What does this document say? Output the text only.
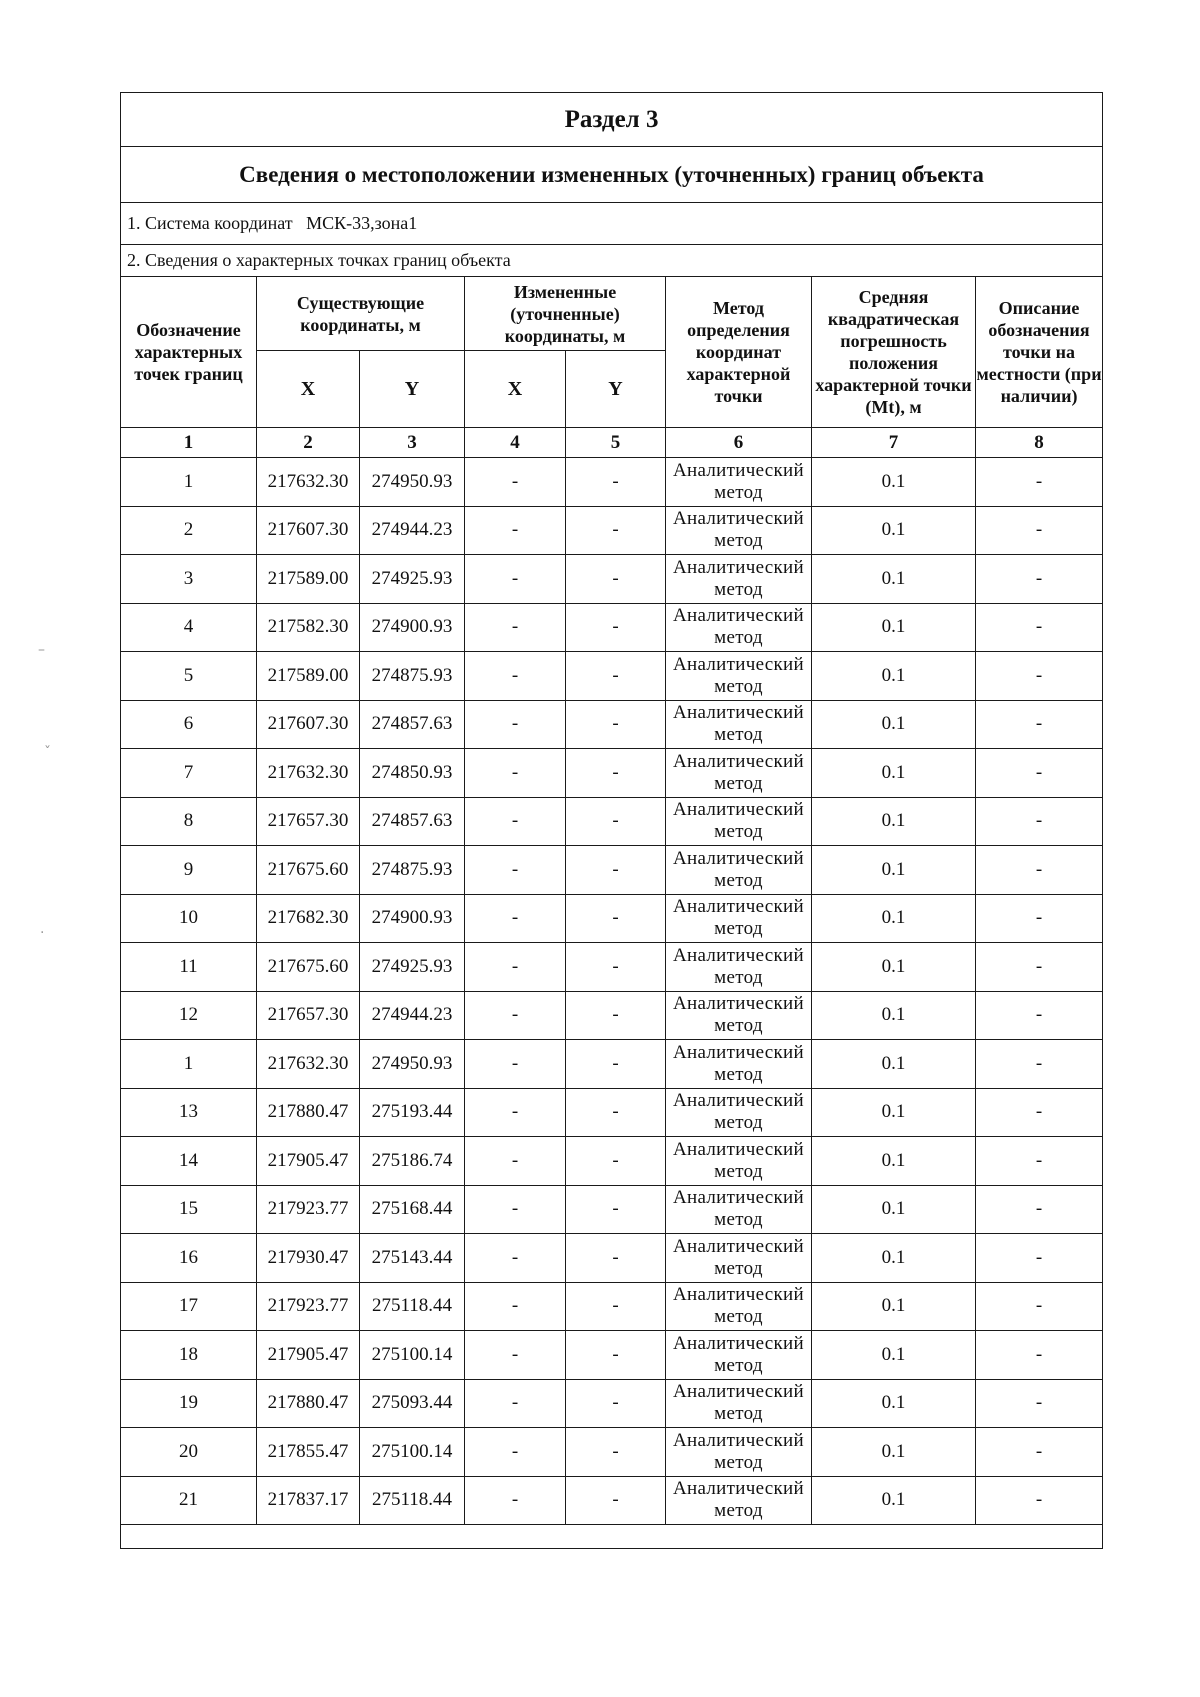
Раздел 3							
Сведения о местоположении измененных (уточненных) границ объекта							
1. Система координат МСК-33,зона1							
2. Сведения о характерных точках границ объекта							
Обозначение характерных точек границ	Существующие координаты, м		Измененные (уточненные) координаты, м		Метод определения координат характерной точки	Средняя квадратическая погрешность положения характерной точки (Mt), м	Описание обозначения точки на местности (при наличии)
	X	Y	X	Y			
1	2	3	4	5	6	7	8
1	217632.30	274950.93	-	-	Аналитический метод	0.1	-
2	217607.30	274944.23	-	-	Аналитический метод	0.1	-
3	217589.00	274925.93	-	-	Аналитический метод	0.1	-
4	217582.30	274900.93	-	-	Аналитический метод	0.1	-
5	217589.00	274875.93	-	-	Аналитический метод	0.1	-
6	217607.30	274857.63	-	-	Аналитический метод	0.1	-
7	217632.30	274850.93	-	-	Аналитический метод	0.1	-
8	217657.30	274857.63	-	-	Аналитический метод	0.1	-
9	217675.60	274875.93	-	-	Аналитический метод	0.1	-
10	217682.30	274900.93	-	-	Аналитический метод	0.1	-
11	217675.60	274925.93	-	-	Аналитический метод	0.1	-
12	217657.30	274944.23	-	-	Аналитический метод	0.1	-
1	217632.30	274950.93	-	-	Аналитический метод	0.1	-
13	217880.47	275193.44	-	-	Аналитический метод	0.1	-
14	217905.47	275186.74	-	-	Аналитический метод	0.1	-
15	217923.77	275168.44	-	-	Аналитический метод	0.1	-
16	217930.47	275143.44	-	-	Аналитический метод	0.1	-
17	217923.77	275118.44	-	-	Аналитический метод	0.1	-
18	217905.47	275100.14	-	-	Аналитический метод	0.1	-
19	217880.47	275093.44	-	-	Аналитический метод	0.1	-
20	217855.47	275100.14	-	-	Аналитический метод	0.1	-
21	217837.17	275118.44	-	-	Аналитический метод	0.1	-

–
ˇ
·
